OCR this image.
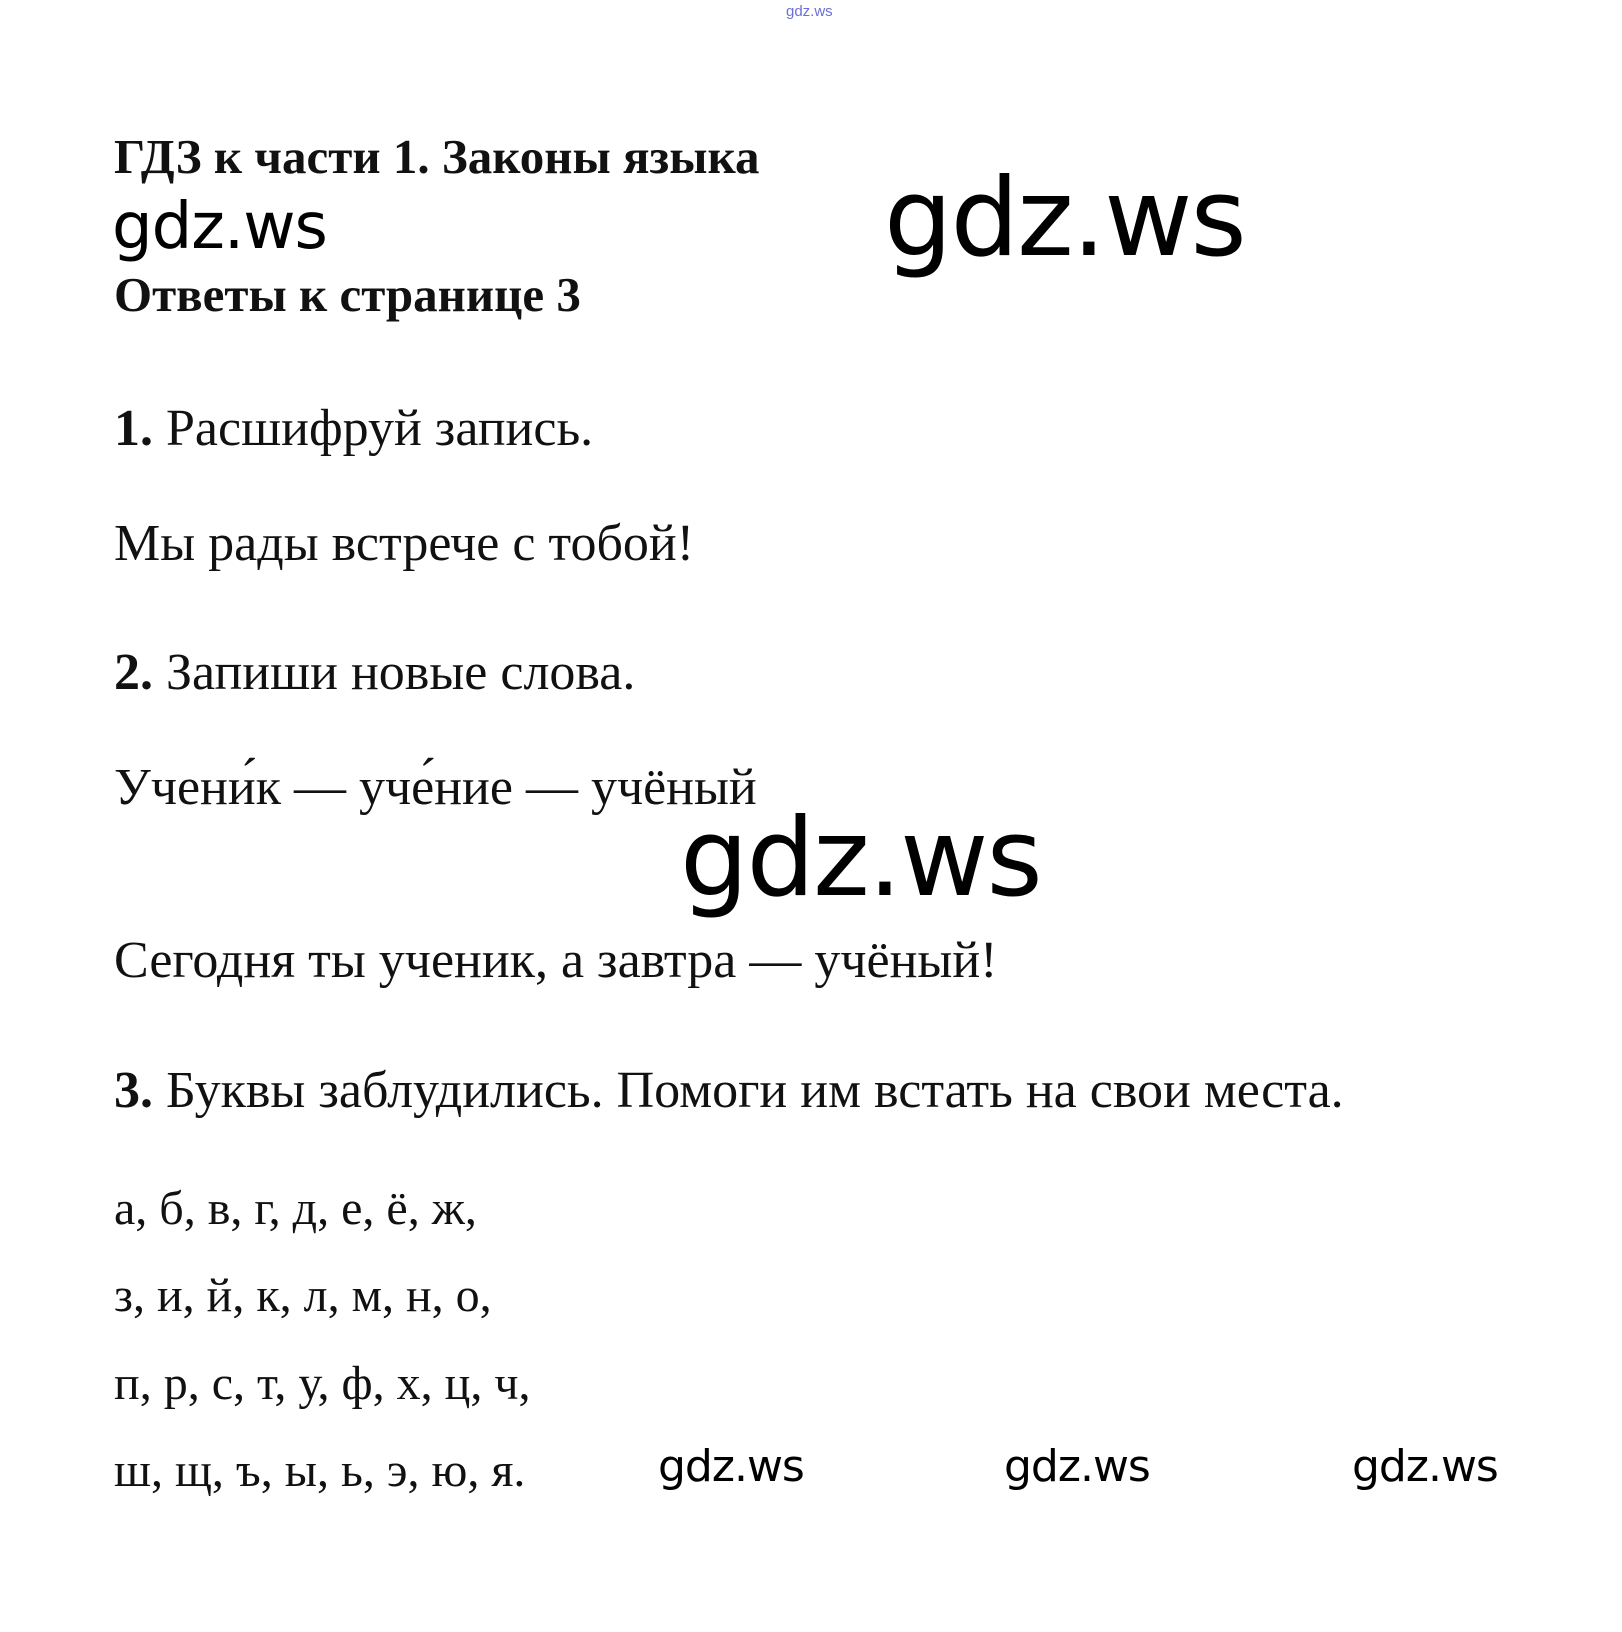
gdz.ws
ГДЗ к части 1. Законы языка
gdz.ws	gdz.ws
Ответы к странице 3
1. Расшифруй запись.
Мы рады встрече с тобой!
2. Запиши новые слова.
Учени́к — уче́ние — учёный
gdz.ws
Сегодня ты ученик, а завтра — учёный!
3. Буквы заблудились. Помоги им встать на свои места.
а, б, в, г, д, е, ё, ж,
з, и, й, к, л, м, н, о,
п, р, с, т, у, ф, х, ц, ч,
ш, щ, ъ, ы, ь, э, ю, я.	gdz.ws	gdz.ws	gdz.ws
